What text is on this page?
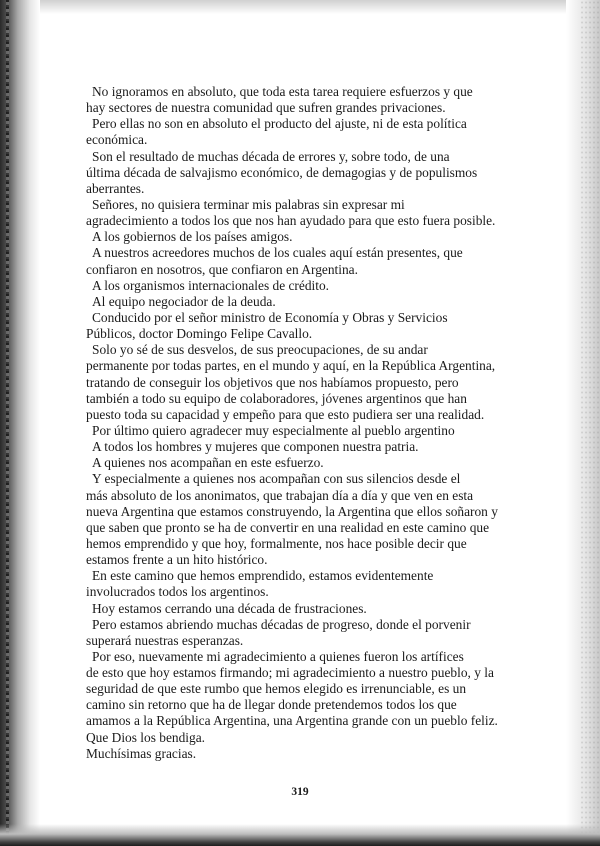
No ignoramos en absoluto, que toda esta tarea requiere esfuerzos y que
hay sectores de nuestra comunidad que sufren grandes privaciones.
Pero ellas no son en absoluto el producto del ajuste, ni de esta política
económica.
Son el resultado de muchas década de errores y, sobre todo, de una
última década de salvajismo económico, de demagogias y de populismos
aberrantes.
Señores, no quisiera terminar mis palabras sin expresar mi
agradecimiento a todos los que nos han ayudado para que esto fuera posible.
A los gobiernos de los países amigos.
A nuestros acreedores muchos de los cuales aquí están presentes, que
confiaron en nosotros, que confiaron en Argentina.
A los organismos internacionales de crédito.
Al equipo negociador de la deuda.
Conducido por el señor ministro de Economía y Obras y Servicios
Públicos, doctor Domingo Felipe Cavallo.
Solo yo sé de sus desvelos, de sus preocupaciones, de su andar
permanente por todas partes, en el mundo y aquí, en la República Argentina,
tratando de conseguir los objetivos que nos habíamos propuesto, pero
también a todo su equipo de colaboradores, jóvenes argentinos que han
puesto toda su capacidad y empeño para que esto pudiera ser una realidad.
Por último quiero agradecer muy especialmente al pueblo argentino
A todos los hombres y mujeres que componen nuestra patria.
A quienes nos acompañan en este esfuerzo.
Y especialmente a quienes nos acompañan con sus silencios desde el
más absoluto de los anonimatos, que trabajan día a día y que ven en esta
nueva Argentina que estamos construyendo, la Argentina que ellos soñaron y
que saben que pronto se ha de convertir en una realidad en este camino que
hemos emprendido y que hoy, formalmente, nos hace posible decir que
estamos frente a un hito histórico.
En este camino que hemos emprendido, estamos evidentemente
involucrados todos los argentinos.
Hoy estamos cerrando una década de frustraciones.
Pero estamos abriendo muchas décadas de progreso, donde el porvenir
superará nuestras esperanzas.
Por eso, nuevamente mi agradecimiento a quienes fueron los artífices
de esto que hoy estamos firmando; mi agradecimiento a nuestro pueblo, y la
seguridad de que este rumbo que hemos elegido es irrenunciable, es un
camino sin retorno que ha de llegar donde pretendemos todos los que
amamos a la República Argentina, una Argentina grande con un pueblo feliz.
Que Dios los bendiga.
Muchísimas gracias.
319
